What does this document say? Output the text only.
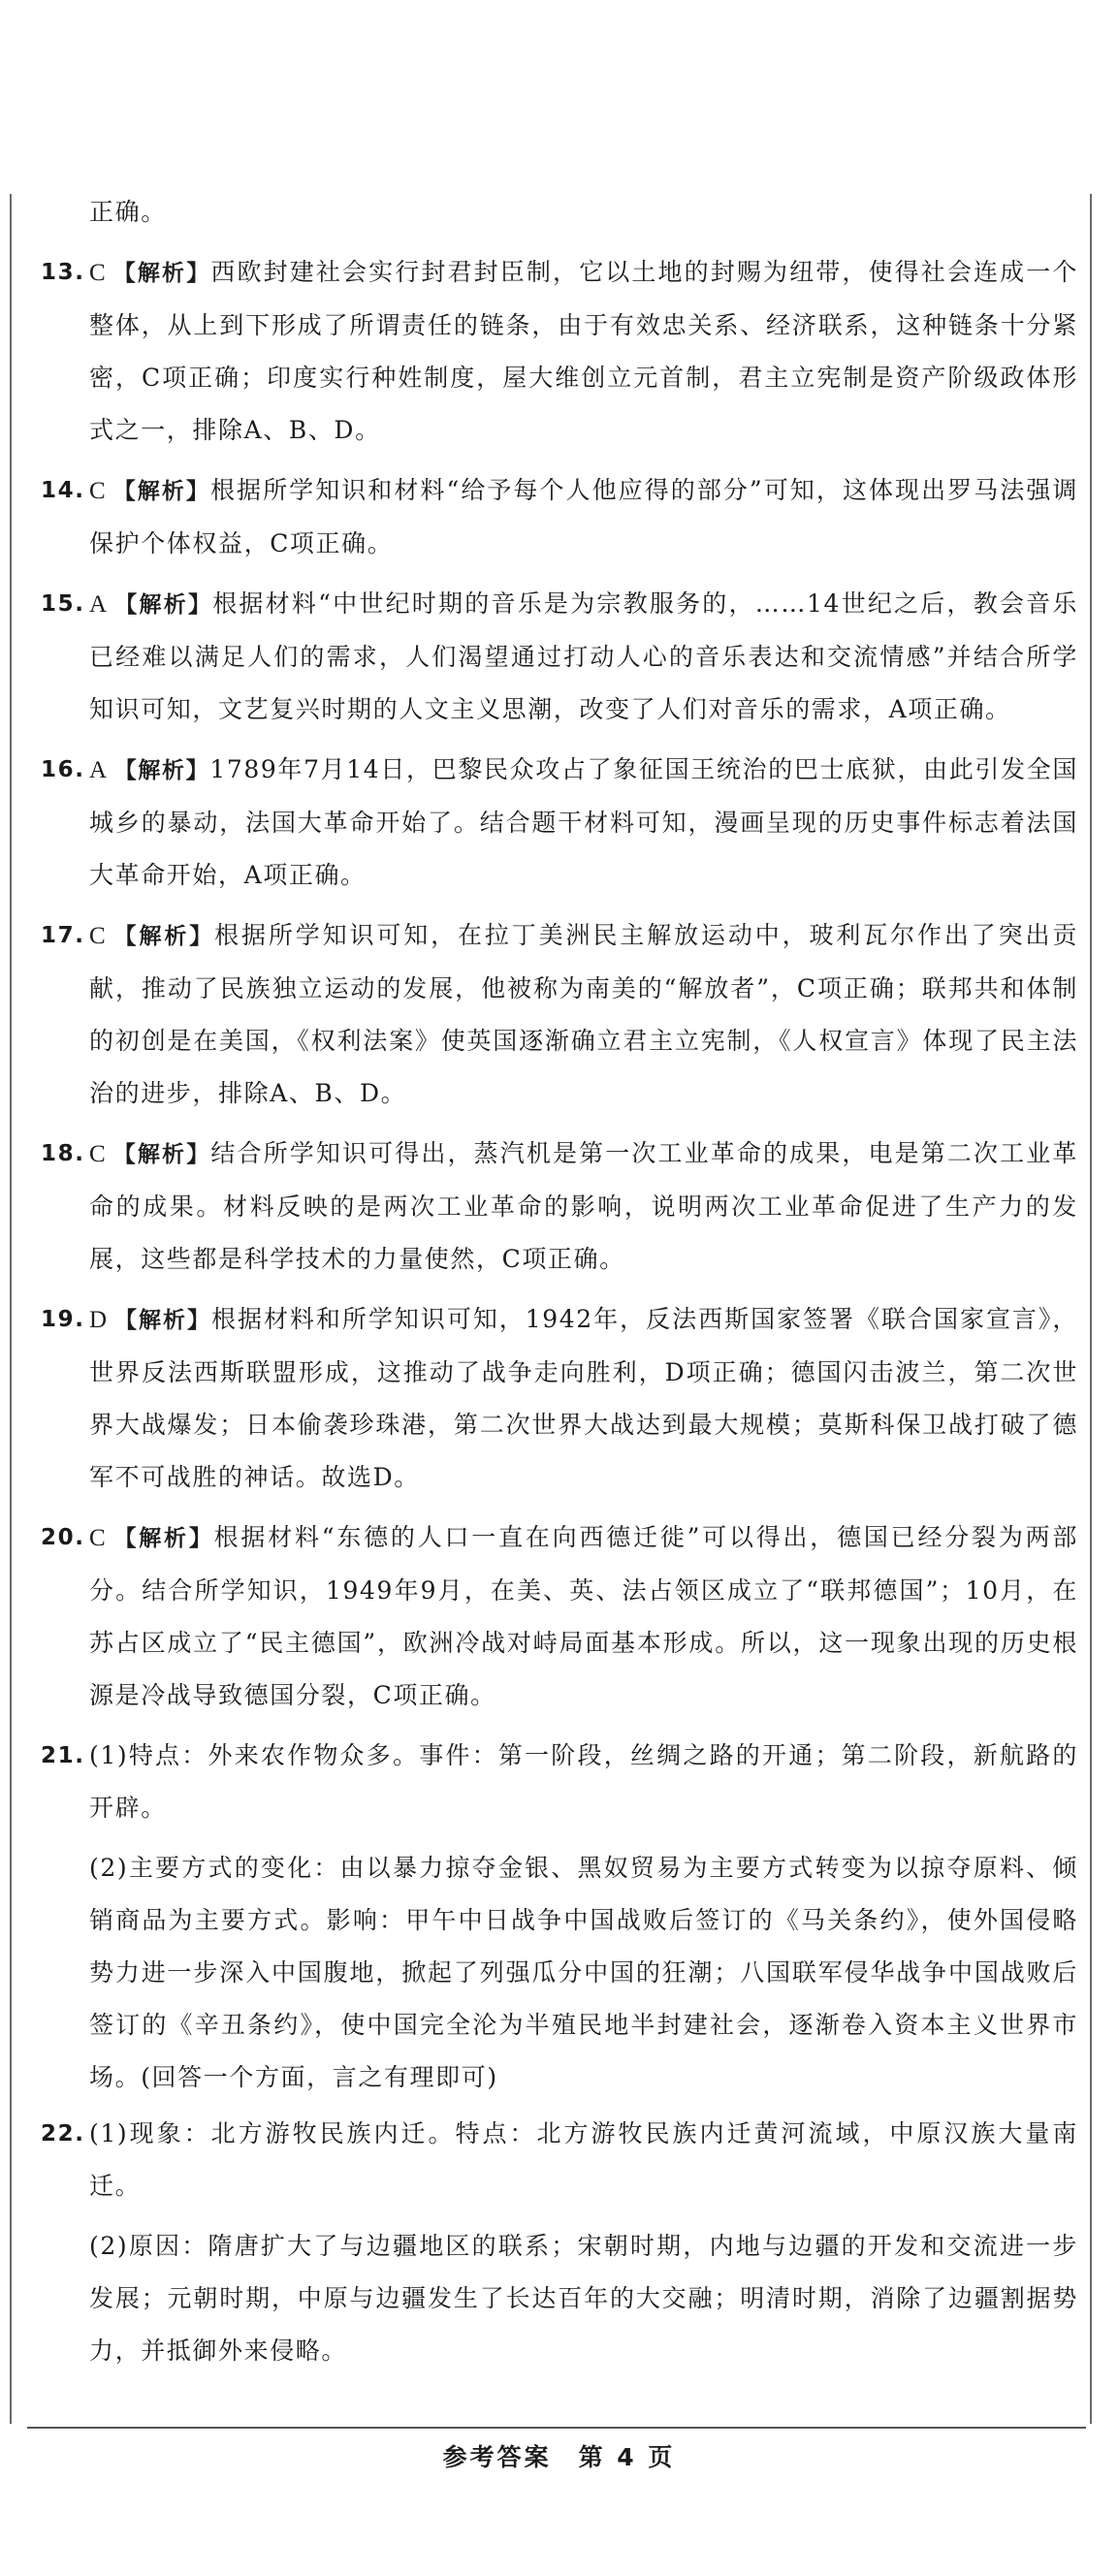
正确。

13. C 【解析】西欧封建社会实行封君封臣制，它以土地的封赐为纽带，使得社会连成一个整体，从上到下形成了所谓责任的链条，由于有效忠关系、经济联系，这种链条十分紧密，C项正确；印度实行种姓制度，屋大维创立元首制，君主立宪制是资产阶级政体形式之一，排除A、B、D。
14. C 【解析】根据所学知识和材料“给予每个人他应得的部分”可知，这体现出罗马法强调保护个体权益，C项正确。
15. A 【解析】根据材料“中世纪时期的音乐是为宗教服务的，……14世纪之后，教会音乐已经难以满足人们的需求，人们渴望通过打动人心的音乐表达和交流情感”并结合所学知识可知，文艺复兴时期的人文主义思潮，改变了人们对音乐的需求，A项正确。
16. A 【解析】1789年7月14日，巴黎民众攻占了象征国王统治的巴士底狱，由此引发全国城乡的暴动，法国大革命开始了。结合题干材料可知，漫画呈现的历史事件标志着法国大革命开始，A项正确。
17. C 【解析】根据所学知识可知，在拉丁美洲民主解放运动中，玻利瓦尔作出了突出贡献，推动了民族独立运动的发展，他被称为南美的“解放者”，C项正确；联邦共和体制的初创是在美国，《权利法案》使英国逐渐确立君主立宪制，《人权宣言》体现了民主法治的进步，排除A、B、D。
18. C 【解析】结合所学知识可得出，蒸汽机是第一次工业革命的成果，电是第二次工业革命的成果。材料反映的是两次工业革命的影响，说明两次工业革命促进了生产力的发展，这些都是科学技术的力量使然，C项正确。
19. D 【解析】根据材料和所学知识可知，1942年，反法西斯国家签署《联合国家宣言》，世界反法西斯联盟形成，这推动了战争走向胜利，D项正确；德国闪击波兰，第二次世界大战爆发；日本偷袭珍珠港，第二次世界大战达到最大规模；莫斯科保卫战打破了德军不可战胜的神话。故选D。
20. C 【解析】根据材料“东德的人口一直在向西德迁徙”可以得出，德国已经分裂为两部分。结合所学知识，1949年9月，在美、英、法占领区成立了“联邦德国”；10月，在苏占区成立了“民主德国”，欧洲冷战对峙局面基本形成。所以，这一现象出现的历史根源是冷战导致德国分裂，C项正确。
21. (1)特点：外来农作物众多。事件：第一阶段，丝绸之路的开通；第二阶段，新航路的开辟。

(2)主要方式的变化：由以暴力掠夺金银、黑奴贸易为主要方式转变为以掠夺原料、倾销商品为主要方式。影响：甲午中日战争中国战败后签订的《马关条约》，使外国侵略势力进一步深入中国腹地，掀起了列强瓜分中国的狂潮；八国联军侵华战争中国战败后签订的《辛丑条约》，使中国完全沦为半殖民地半封建社会，逐渐卷入资本主义世界市场。(回答一个方面，言之有理即可)

22. (1)现象：北方游牧民族内迁。特点：北方游牧民族内迁黄河流域，中原汉族大量南迁。

(2)原因：隋唐扩大了与边疆地区的联系；宋朝时期，内地与边疆的开发和交流进一步发展；元朝时期，中原与边疆发生了长达百年的大交融；明清时期，消除了边疆割据势力，并抵御外来侵略。

参考答案　第 4 页
